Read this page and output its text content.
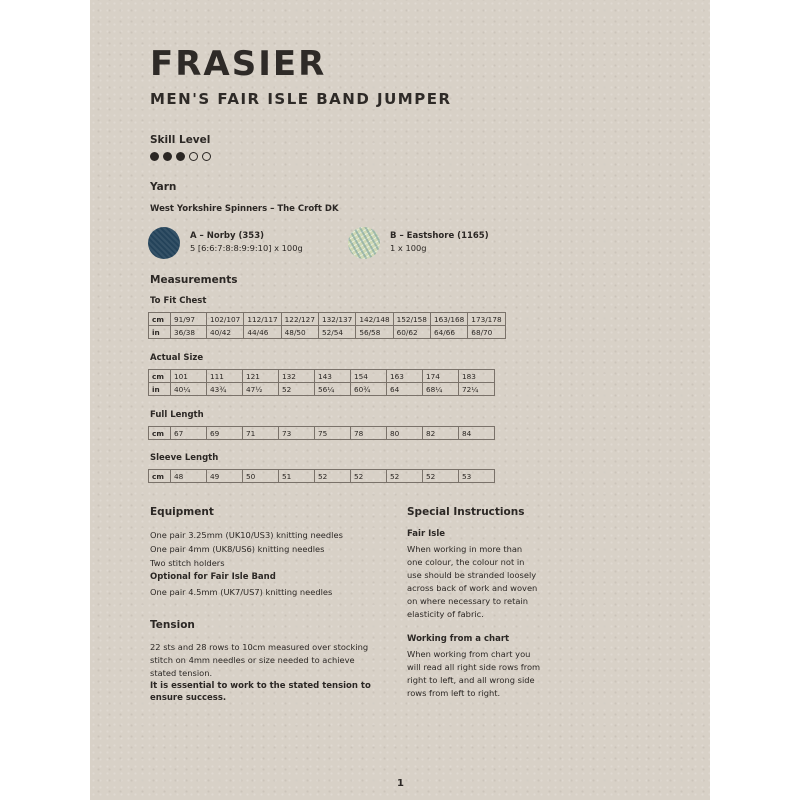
FRASIER
MEN'S FAIR ISLE BAND JUMPER

Skill Level

Yarn

West Yorkshire Spinners – The Croft DK

A – Norby (353)

5 [6:6:7:8:8:9:9:10] x 100g

B – Eastshore (1165)

1 x 100g

Measurements

To Fit Chest

cm	91/97	102/107	112/117	122/127	132/137	142/148	152/158	163/168	173/178
in	36/38	40/42	44/46	48/50	52/54	56/58	60/62	64/66	68/70

Actual Size

cm	101	111	121	132	143	154	163	174	183
in	40¼	43¾	47½	52	56¼	60¾	64	68¼	72¼

Full Length

cm	67	69	71	73	75	78	80	82	84

Sleeve Length

cm	48	49	50	51	52	52	52	52	53

Equipment

One pair 3.25mm (UK10/US3) knitting needles

One pair 4mm (UK8/US6) knitting needles

Two stitch holders

Optional for Fair Isle Band

One pair 4.5mm (UK7/US7) knitting needles

Tension

22 sts and 28 rows to 10cm measured over stocking

stitch on 4mm needles or size needed to achieve

stated tension.

It is essential to work to the stated tension to

ensure success.

Special Instructions

Fair Isle

When working in more than

one colour, the colour not in

use should be stranded loosely

across back of work and woven

on where necessary to retain

elasticity of fabric.

Working from a chart

When working from chart you

will read all right side rows from

right to left, and all wrong side

rows from left to right.

1
